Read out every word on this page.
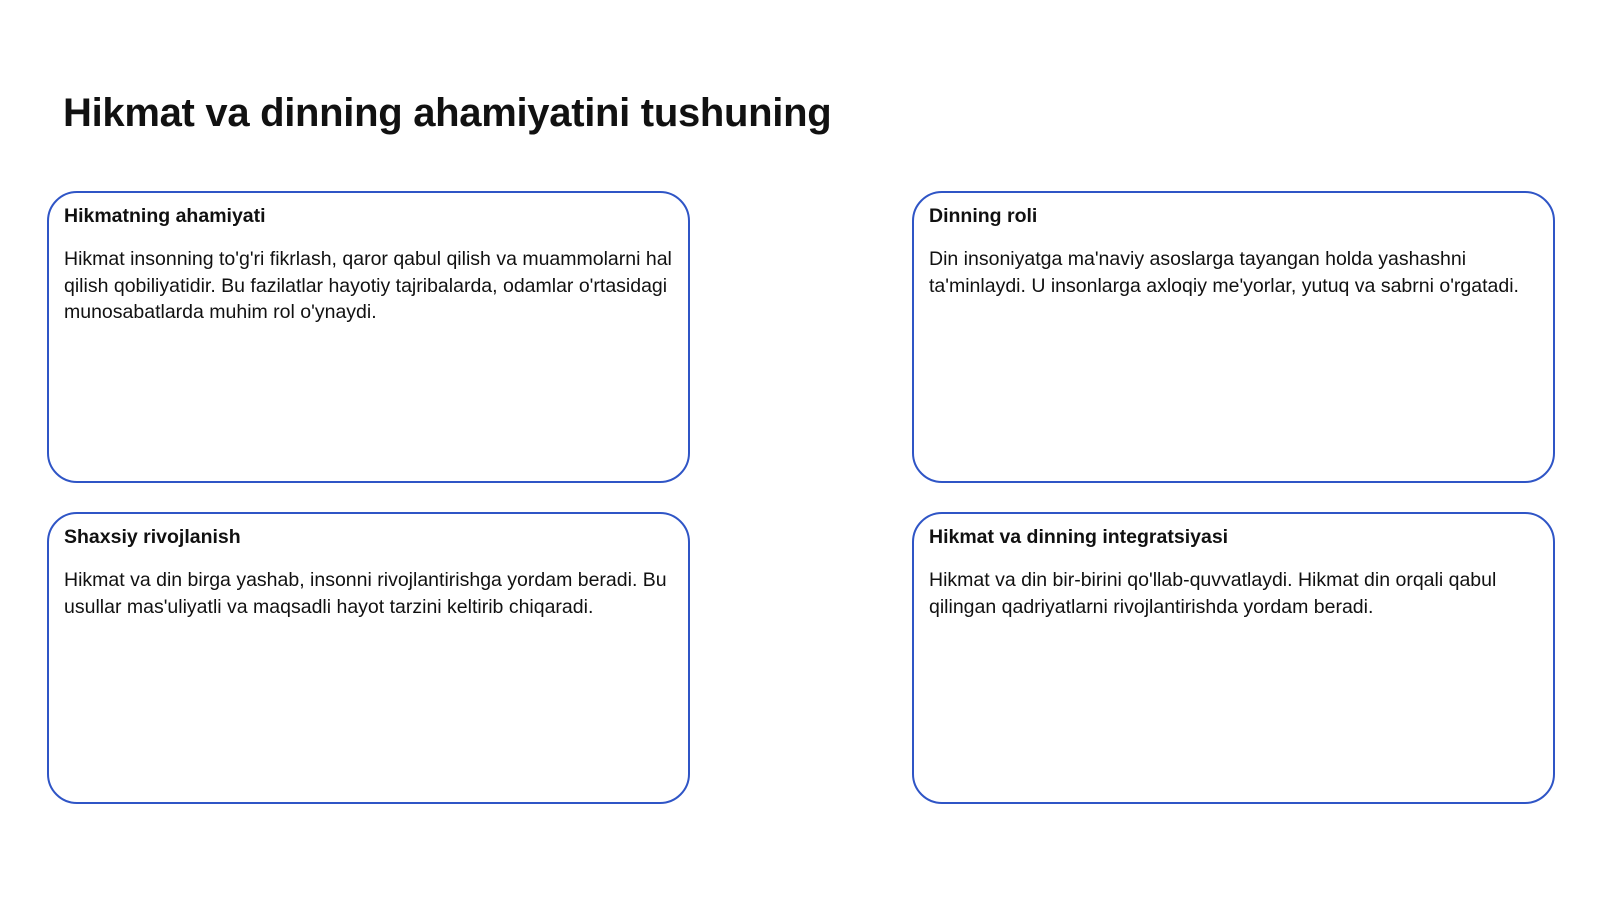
Hikmat va dinning ahamiyatini tushuning
Hikmatning ahamiyati

Hikmat insonning to'g'ri fikrlash, qaror qabul qilish va muammolarni hal qilish qobiliyatidir. Bu fazilatlar hayotiy tajribalarda, odamlar o'rtasidagi munosabatlarda muhim rol o'ynaydi.

Dinning roli

Din insoniyatga ma'naviy asoslarga tayangan holda yashashni ta'minlaydi. U insonlarga axloqiy me'yorlar, yutuq va sabrni o'rgatadi.

Shaxsiy rivojlanish

Hikmat va din birga yashab, insonni rivojlantirishga yordam beradi. Bu usullar mas'uliyatli va maqsadli hayot tarzini keltirib chiqaradi.

Hikmat va dinning integratsiyasi

Hikmat va din bir-birini qo'llab-quvvatlaydi. Hikmat din orqali qabul qilingan qadriyatlarni rivojlantirishda yordam beradi.
